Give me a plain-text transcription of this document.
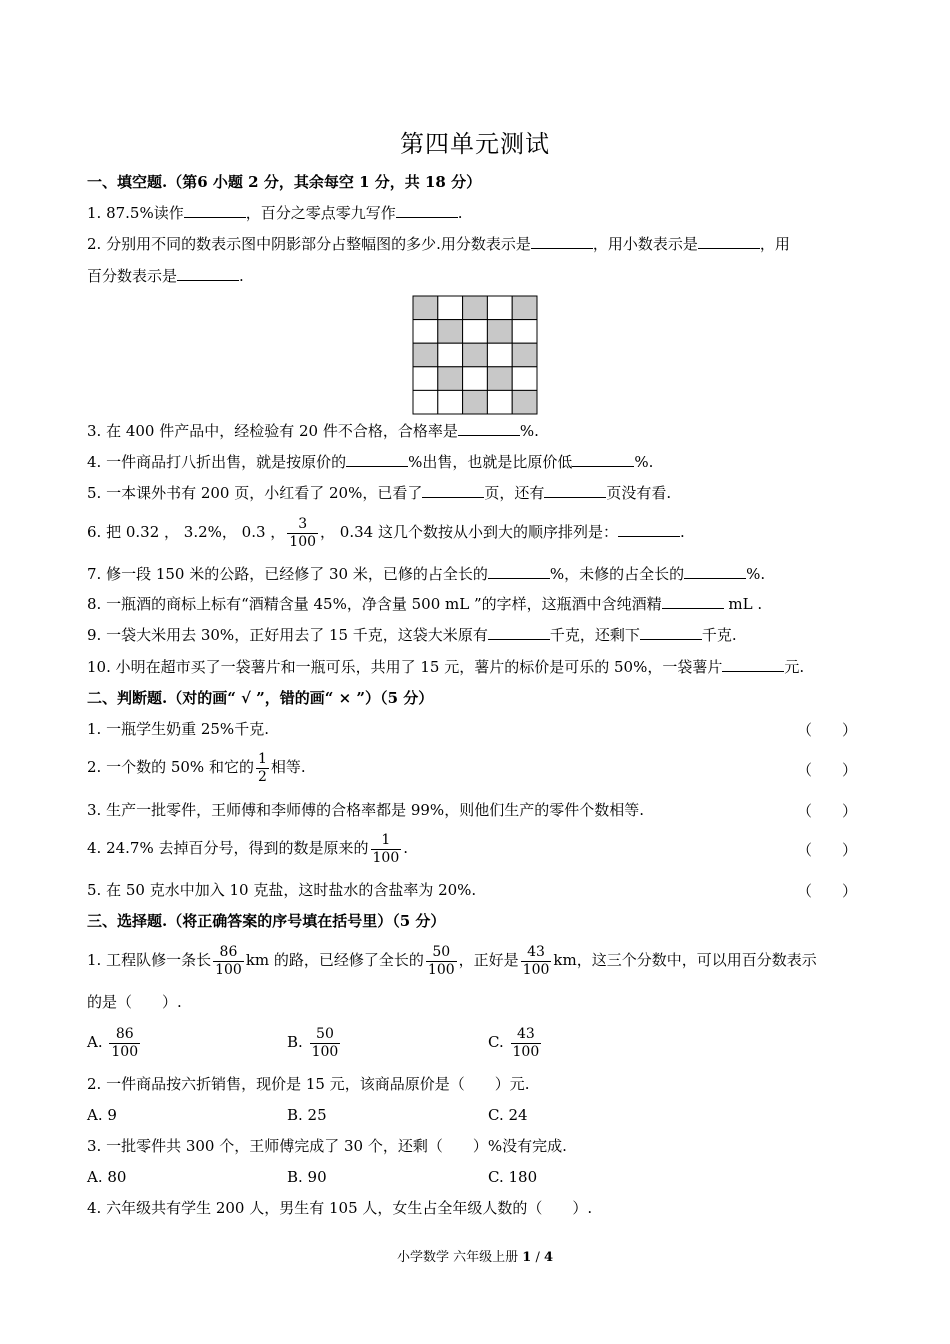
第四单元测试
一、填空题.（第6 小题 2 分，其余每空 1 分，共 18 分）
1. 87.5%读作	，百分之零点零九写作	.
2. 分别用不同的数表示图中阴影部分占整幅图的多少.用分数表示是	，用小数表示是	，用
百分数表示是	.
3. 在 400 件产品中，经检验有 20 件不合格，合格率是	%.
4. 一件商品打八折出售，就是按原价的	%出售，也就是比原价低	%.
5. 一本课外书有 200 页，小红看了 20%，已看了	页，还有	页没有看.
6. 把 0.32 ， 3.2%， 0.3 ， $\frac{3}{100}$ ， 0.34 这几个数按从小到大的顺序排列是：	.
7. 修一段 150 米的公路，已经修了 30 米，已修的占全长的	%，未修的占全长的	%.
8. 一瓶酒的商标上标有“酒精含量 45%，净含量 500 mL ”的字样，这瓶酒中含纯酒精	mL .
9. 一袋大米用去 30%，正好用去了 15 千克，这袋大米原有	千克，还剩下	千克.
10. 小明在超市买了一袋薯片和一瓶可乐，共用了 15 元，薯片的标价是可乐的 50%，一袋薯片	元.
二、判断题.（对的画“ √ ”，错的画“ × ”）（5 分）
1. 一瓶学生奶重 25%千克.	（　　）
2. 一个数的 50% 和它的 $\frac{1}{2}$ 相等.	（　　）
3. 生产一批零件，王师傅和李师傅的合格率都是 99%，则他们生产的零件个数相等.	（　　）
4. 24.7% 去掉百分号，得到的数是原来的 $\frac{1}{100}$ .	（　　）
5. 在 50 克水中加入 10 克盐，这时盐水的含盐率为 20%.	（　　）
三、选择题.（将正确答案的序号填在括号里）（5 分）
1. 工程队修一条长 $\frac{86}{100}$ km 的路，已经修了全长的 $\frac{50}{100}$ ，正好是 $\frac{43}{100}$ km，这三个分数中，可以用百分数表示
的是（　　）.
A. $\frac{86}{100}$	B. $\frac{50}{100}$	C. $\frac{43}{100}$
2. 一件商品按六折销售，现价是 15 元，该商品原价是（　　）元.
A. 9	B. 25	C. 24
3. 一批零件共 300 个，王师傅完成了 30 个，还剩（　　）%没有完成.
A. 80	B. 90	C. 180
4. 六年级共有学生 200 人，男生有 105 人，女生占全年级人数的（　　）.
小学数学 六年级上册 1 / 4
